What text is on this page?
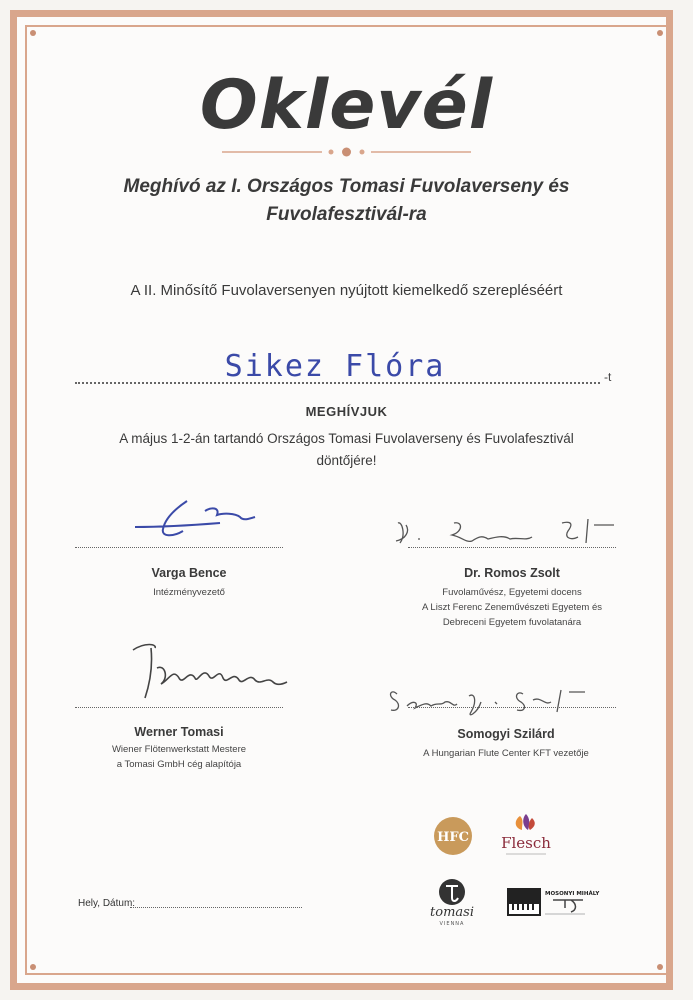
Oklevél
Meghívó az I. Országos Tomasi Fuvolaverseny és
Fuvolafesztivál-ra
A II. Minősítő Fuvolaversenyen nyújtott kiemelkedő szerepléséért
Sikez Flóra	-t
MEGHÍVJUK
A május 1-2-án tartandó Országos Tomasi Fuvolaverseny és Fuvolafesztivál
döntőjére!
Varga Bence
Intézményvezető
Dr. Romos Zsolt
Fuvolaművész, Egyetemi docens
A Liszt Ferenc Zeneművészeti Egyetem és
Debreceni Egyetem fuvolatanára
Werner Tomasi
Wiener Flötenwerkstatt Mestere
a Tomasi GmbH cég alapítója
Somogyi Szilárd
A Hungarian Flute Center KFT vezetője
HFC Flesch
tomasi
VIENNA
MOSONYI MIHÁLY
Hely, Dátum:
